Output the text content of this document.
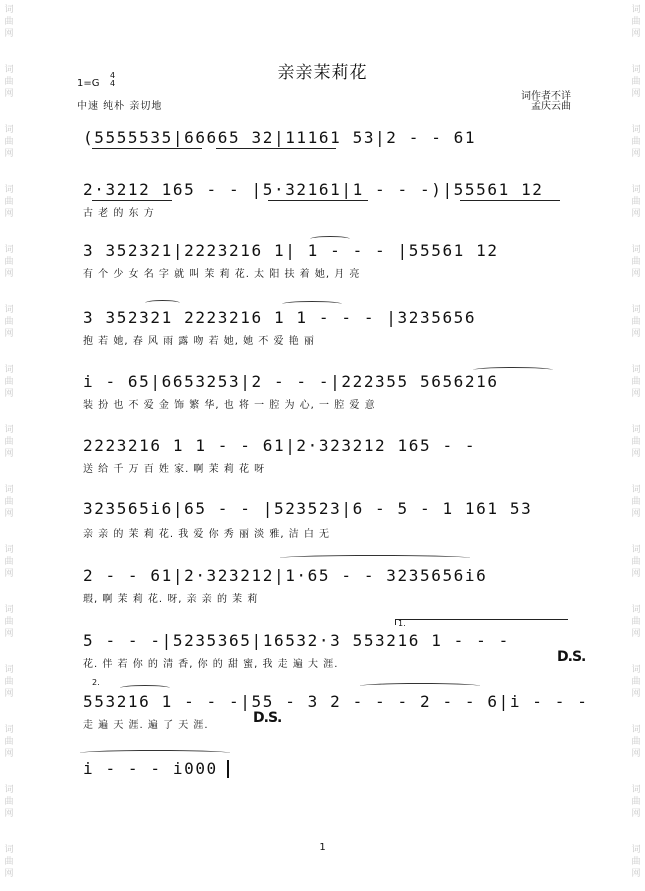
词
曲
网
词
曲
网
词
曲
网
词
曲
网
词
曲
网
词
曲
网
词
曲
网
词
曲
网
词
曲
网
词
曲
网
词
曲
网
词
曲
网
词
曲
网
词
曲
网
词
曲
网
词
曲
网
词
曲
网
词
曲
网
词
曲
网
词
曲
网
词
曲
网
词
曲
网
词
曲
网
词
曲
网
词
曲
网
词
曲
网
词
曲
网
词
曲
网
词
曲
网
词
曲
网
亲亲茉莉花
1=G
4
4
中速 纯朴 亲切地
词作者不详
孟庆云曲
(5555535|66665 32|11161 53|2 - - 61
2·3212 165 - - |5·32161|1 - - -)|55561 12
古 老 的 东 方
3 352321|2223216 1| 1 - - - |55561 12
有 个 少 女 名 字 就 叫 茉 莉 花. 太 阳 扶 着 她, 月 亮
3 352321 2223216 1 1 - - - |3235656
抱 若 她, 春 风 雨 露 吻 若 她, 她 不 爱 艳 丽
i - 65|6653253|2 - - -|222355 5656216
装 扮 也 不 爱 金 饰 繁 华, 也 将 一 腔 为 心, 一 腔 爱 意
2223216 1 1 - - 61|2·323212 165 - -
送 给 千 万 百 姓 家. 啊 茉 莉 花 呀
323565i6|65 - - |523523|6 - 5 - 1 161 53
亲 亲 的 茉 莉 花. 我 爱 你 秀 丽 淡 雅, 洁 白 无
2 - - 61|2·323212|1·65 - - 3235656i6
瑕, 啊 茉 莉 花. 呀, 亲 亲 的 茉 莉
5 - - -|5235365|16532·3 553216 1 - - -
花. 伴 若 你 的 清 香, 你 的 甜 蜜, 我 走 遍 大 涯.	D.S.
1.
2.
553216 1 - - -|55 - 3 2 - - - 2 - - 6|i - - -
走 遍 天 涯. 遍 了 天 涯.	D.S.
i - - - i000
1
